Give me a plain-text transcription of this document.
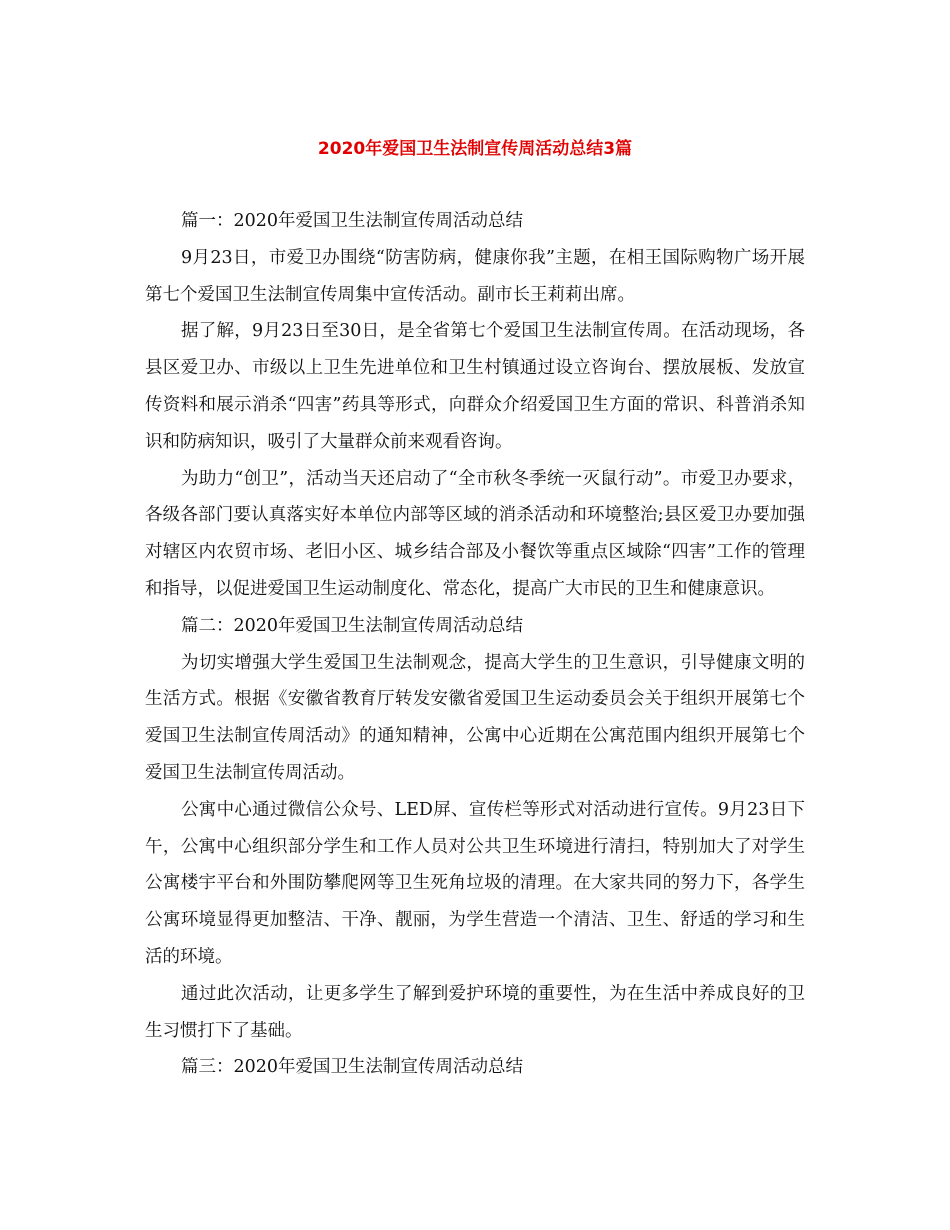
2020年爱国卫生法制宣传周活动总结3篇

篇一：2020年爱国卫生法制宣传周活动总结

9月23日，市爱卫办围绕“防害防病，健康你我”主题，在相王国际购物广场开展第七个爱国卫生法制宣传周集中宣传活动。副市长王莉莉出席。

据了解，9月23日至30日，是全省第七个爱国卫生法制宣传周。在活动现场，各县区爱卫办、市级以上卫生先进单位和卫生村镇通过设立咨询台、摆放展板、发放宣传资料和展示消杀“四害”药具等形式，向群众介绍爱国卫生方面的常识、科普消杀知识和防病知识，吸引了大量群众前来观看咨询。

为助力“创卫”，活动当天还启动了“全市秋冬季统一灭鼠行动”。市爱卫办要求，各级各部门要认真落实好本单位内部等区域的消杀活动和环境整治;县区爱卫办要加强对辖区内农贸市场、老旧小区、城乡结合部及小餐饮等重点区域除“四害”工作的管理和指导，以促进爱国卫生运动制度化、常态化，提高广大市民的卫生和健康意识。

篇二：2020年爱国卫生法制宣传周活动总结

为切实增强大学生爱国卫生法制观念，提高大学生的卫生意识，引导健康文明的生活方式。根据《安徽省教育厅转发安徽省爱国卫生运动委员会关于组织开展第七个爱国卫生法制宣传周活动》的通知精神，公寓中心近期在公寓范围内组织开展第七个爱国卫生法制宣传周活动。

公寓中心通过微信公众号、LED屏、宣传栏等形式对活动进行宣传。9月23日下午，公寓中心组织部分学生和工作人员对公共卫生环境进行清扫，特别加大了对学生公寓楼宇平台和外围防攀爬网等卫生死角垃圾的清理。在大家共同的努力下，各学生公寓环境显得更加整洁、干净、靓丽，为学生营造一个清洁、卫生、舒适的学习和生活的环境。

通过此次活动，让更多学生了解到爱护环境的重要性，为在生活中养成良好的卫生习惯打下了基础。

篇三：2020年爱国卫生法制宣传周活动总结
